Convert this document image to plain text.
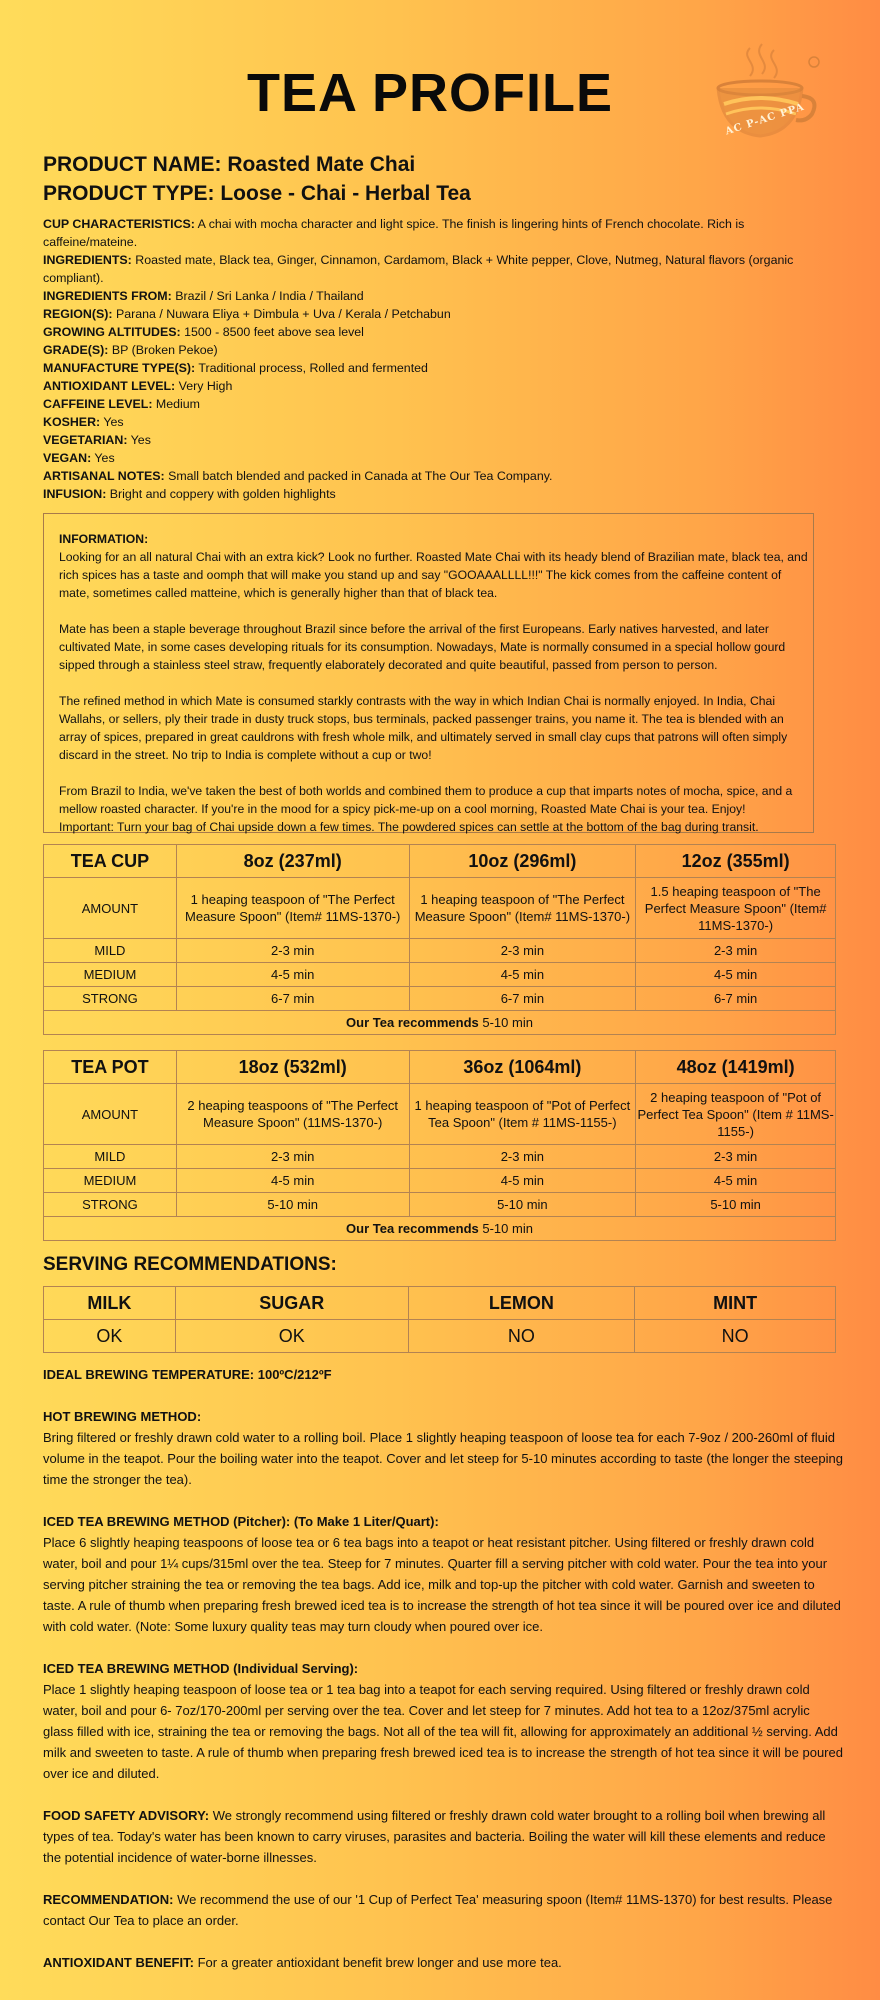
TEA PROFILE	AC P-AC PPA
PRODUCT NAME: Roasted Mate Chai
PRODUCT TYPE: Loose - Chai - Herbal Tea

CUP CHARACTERISTICS: A chai with mocha character and light spice. The finish is lingering hints of French chocolate. Rich is caffeine/mateine.

INGREDIENTS: Roasted mate, Black tea, Ginger, Cinnamon, Cardamom, Black + White pepper, Clove, Nutmeg, Natural flavors (organic compliant).

INGREDIENTS FROM: Brazil / Sri Lanka / India / Thailand

REGION(S): Parana / Nuwara Eliya + Dimbula + Uva / Kerala / Petchabun

GROWING ALTITUDES: 1500 - 8500 feet above sea level

GRADE(S): BP (Broken Pekoe)

MANUFACTURE TYPE(S): Traditional process, Rolled and fermented

ANTIOXIDANT LEVEL: Very High

CAFFEINE LEVEL: Medium

KOSHER: Yes

VEGETARIAN: Yes

VEGAN: Yes

ARTISANAL NOTES: Small batch blended and packed in Canada at The Our Tea Company.

INFUSION: Bright and coppery with golden highlights

INFORMATION:

Looking for an all natural Chai with an extra kick? Look no further. Roasted Mate Chai with its heady blend of Brazilian mate, black tea, and rich spices has a taste and oomph that will make you stand up and say "GOOAAALLLL!!!" The kick comes from the caffeine content of mate, sometimes called matteine, which is generally higher than that of black tea.

Mate has been a staple beverage throughout Brazil since before the arrival of the first Europeans. Early natives harvested, and later cultivated Mate, in some cases developing rituals for its consumption. Nowadays, Mate is normally consumed in a special hollow gourd sipped through a stainless steel straw, frequently elaborately decorated and quite beautiful, passed from person to person.

The refined method in which Mate is consumed starkly contrasts with the way in which Indian Chai is normally enjoyed. In India, Chai Wallahs, or sellers, ply their trade in dusty truck stops, bus terminals, packed passenger trains, you name it. The tea is blended with an array of spices, prepared in great cauldrons with fresh whole milk, and ultimately served in small clay cups that patrons will often simply discard in the street. No trip to India is complete without a cup or two!

From Brazil to India, we've taken the best of both worlds and combined them to produce a cup that imparts notes of mocha, spice, and a mellow roasted character. If you're in the mood for a spicy pick-me-up on a cool morning, Roasted Mate Chai is your tea. Enjoy!

Important: Turn your bag of Chai upside down a few times. The powdered spices can settle at the bottom of the bag during transit.

TEA CUP	8oz (237ml)	10oz (296ml)	12oz (355ml)
AMOUNT	1 heaping teaspoon of "The Perfect Measure Spoon" (Item# 11MS-1370-)	1 heaping teaspoon of "The Perfect Measure Spoon" (Item# 11MS-1370-)	1.5 heaping teaspoon of "The Perfect Measure Spoon" (Item# 11MS-1370-)
MILD	2-3 min	2-3 min	2-3 min
MEDIUM	4-5 min	4-5 min	4-5 min
STRONG	6-7 min	6-7 min	6-7 min
Our Tea recommends 5-10 min			
TEA POT	18oz (532ml)	36oz (1064ml)	48oz (1419ml)
AMOUNT	2 heaping teaspoons of "The Perfect Measure Spoon" (11MS-1370-)	1 heaping teaspoon of "Pot of Perfect Tea Spoon" (Item # 11MS-1155-)	2 heaping teaspoon of "Pot of Perfect Tea Spoon" (Item # 11MS-1155-)
MILD	2-3 min	2-3 min	2-3 min
MEDIUM	4-5 min	4-5 min	4-5 min
STRONG	5-10 min	5-10 min	5-10 min
Our Tea recommends 5-10 min			
SERVING RECOMMENDATIONS:
MILK	SUGAR	LEMON	MINT
OK	OK	NO	NO

IDEAL BREWING TEMPERATURE: 100ºC/212ºF

HOT BREWING METHOD:
Bring filtered or freshly drawn cold water to a rolling boil. Place 1 slightly heaping teaspoon of loose tea for each 7-9oz / 200-260ml of fluid volume in the teapot. Pour the boiling water into the teapot. Cover and let steep for 5-10 minutes according to taste (the longer the steeping time the stronger the tea).

ICED TEA BREWING METHOD (Pitcher): (To Make 1 Liter/Quart):
Place 6 slightly heaping teaspoons of loose tea or 6 tea bags into a teapot or heat resistant pitcher. Using filtered or freshly drawn cold water, boil and pour 1¼ cups/315ml over the tea. Steep for 7 minutes. Quarter fill a serving pitcher with cold water. Pour the tea into your serving pitcher straining the tea or removing the tea bags. Add ice, milk and top-up the pitcher with cold water. Garnish and sweeten to taste. A rule of thumb when preparing fresh brewed iced tea is to increase the strength of hot tea since it will be poured over ice and diluted with cold water. (Note: Some luxury quality teas may turn cloudy when poured over ice.

ICED TEA BREWING METHOD (Individual Serving):
Place 1 slightly heaping teaspoon of loose tea or 1 tea bag into a teapot for each serving required. Using filtered or freshly drawn cold water, boil and pour 6- 7oz/170-200ml per serving over the tea. Cover and let steep for 7 minutes. Add hot tea to a 12oz/375ml acrylic glass filled with ice, straining the tea or removing the bags. Not all of the tea will fit, allowing for approximately an additional ½ serving. Add milk and sweeten to taste. A rule of thumb when preparing fresh brewed iced tea is to increase the strength of hot tea since it will be poured over ice and diluted.

FOOD SAFETY ADVISORY: We strongly recommend using filtered or freshly drawn cold water brought to a rolling boil when brewing all types of tea. Today's water has been known to carry viruses, parasites and bacteria. Boiling the water will kill these elements and reduce the potential incidence of water-borne illnesses.

RECOMMENDATION: We recommend the use of our '1 Cup of Perfect Tea' measuring spoon (Item# 11MS-1370) for best results. Please contact Our Tea to place an order.

ANTIOXIDANT BENEFIT: For a greater antioxidant benefit brew longer and use more tea.
